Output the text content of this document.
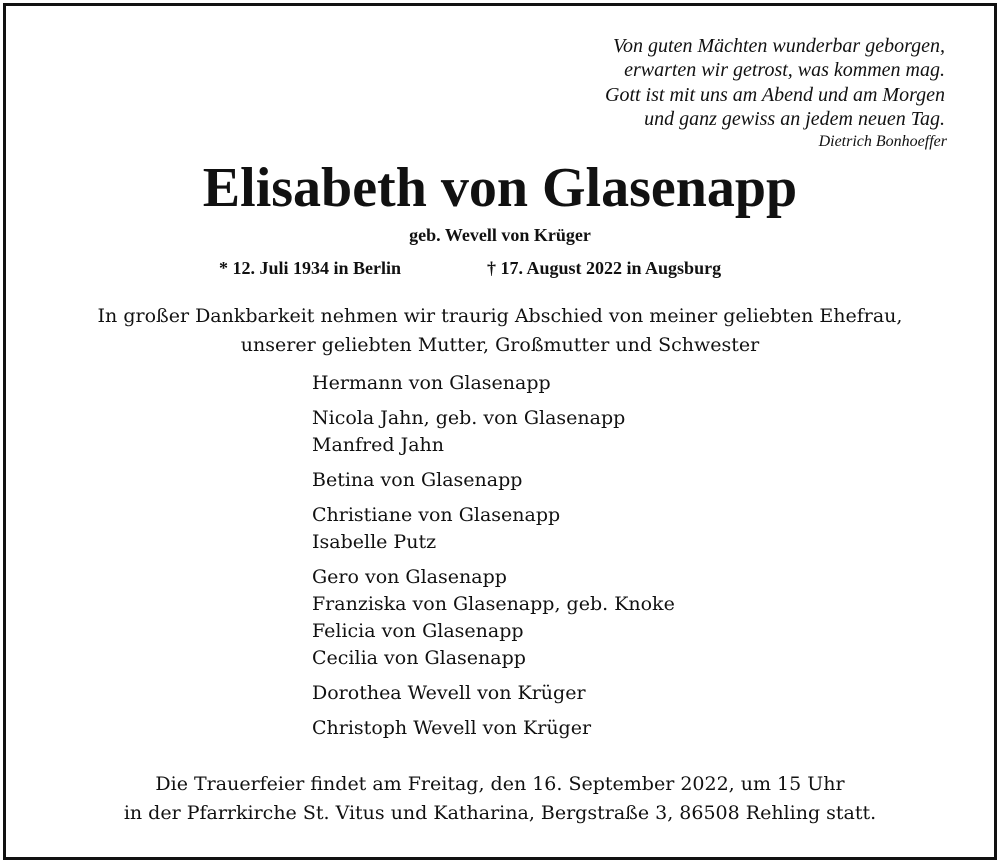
Von guten Mächten wunderbar geborgen,
erwarten wir getrost, was kommen mag.
Gott ist mit uns am Abend und am Morgen
und ganz gewiss an jedem neuen Tag.
Dietrich Bonhoeffer
Elisabeth von Glasenapp
geb. Wevell von Krüger
* 12. Juli 1934 in Berlin	† 17. August 2022 in Augsburg
In großer Dankbarkeit nehmen wir traurig Abschied von meiner geliebten Ehefrau,
unserer geliebten Mutter, Großmutter und Schwester
Hermann von Glasenapp
Nicola Jahn, geb. von Glasenapp
Manfred Jahn
Betina von Glasenapp
Christiane von Glasenapp
Isabelle Putz
Gero von Glasenapp
Franziska von Glasenapp, geb. Knoke
Felicia von Glasenapp
Cecilia von Glasenapp
Dorothea Wevell von Krüger
Christoph Wevell von Krüger
Die Trauerfeier findet am Freitag, den 16. September 2022, um 15 Uhr
in der Pfarrkirche St. Vitus und Katharina, Bergstraße 3, 86508 Rehling statt.
